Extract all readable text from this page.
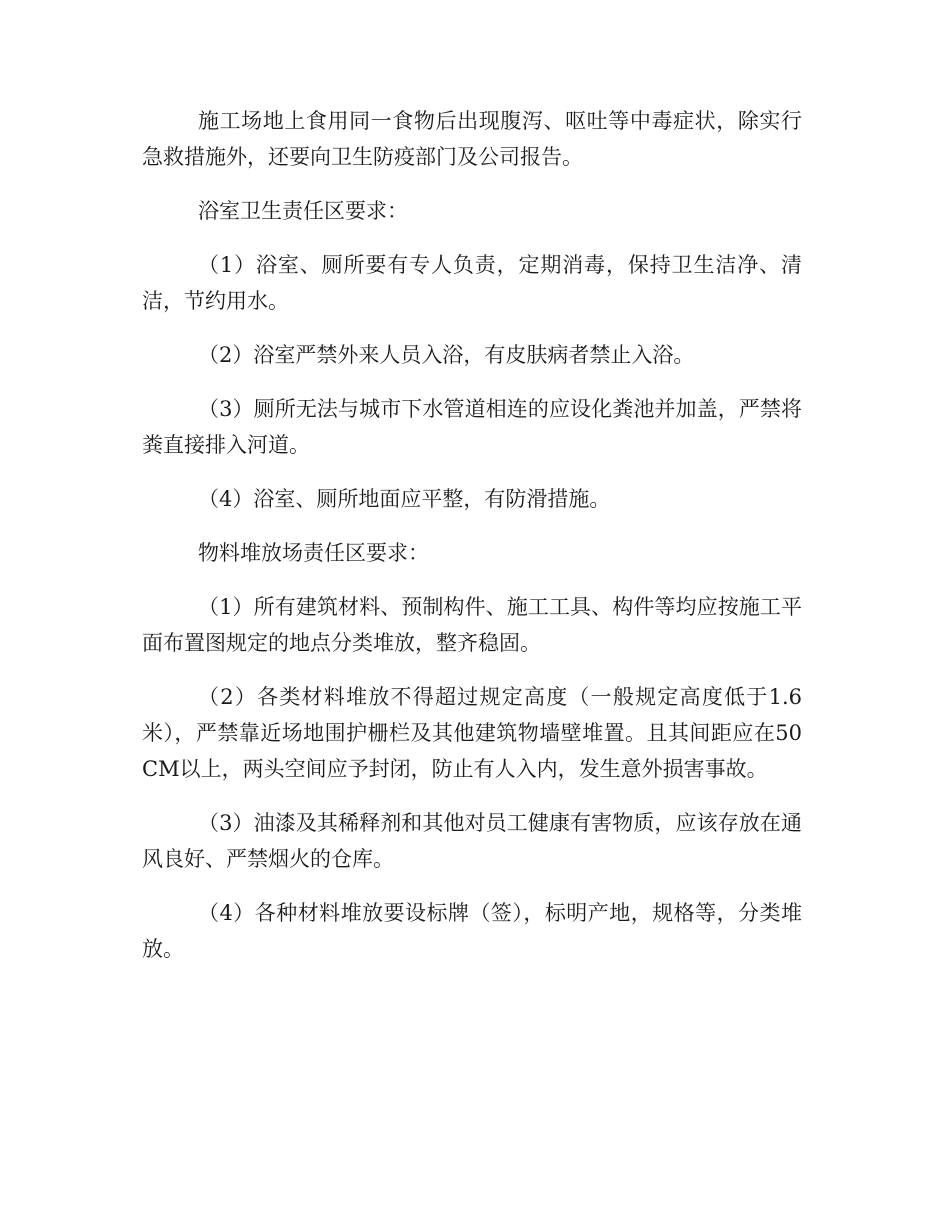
施工场地上食用同一食物后出现腹泻、呕吐等中毒症状，除实行急救措施外，还要向卫生防疫部门及公司报告。

浴室卫生责任区要求：

（1）浴室、厕所要有专人负责，定期消毒，保持卫生洁净、清洁，节约用水。

（2）浴室严禁外来人员入浴，有皮肤病者禁止入浴。

（3）厕所无法与城市下水管道相连的应设化粪池并加盖，严禁将粪直接排入河道。

（4）浴室、厕所地面应平整，有防滑措施。

物料堆放场责任区要求：

（1）所有建筑材料、预制构件、施工工具、构件等均应按施工平面布置图规定的地点分类堆放，整齐稳固。

（2）各类材料堆放不得超过规定高度（一般规定高度低于1.6米），严禁靠近场地围护栅栏及其他建筑物墙壁堆置。且其间距应在50CM以上，两头空间应予封闭，防止有人入内，发生意外损害事故。

（3）油漆及其稀释剂和其他对员工健康有害物质，应该存放在通风良好、严禁烟火的仓库。

（4）各种材料堆放要设标牌（签），标明产地，规格等，分类堆放。
